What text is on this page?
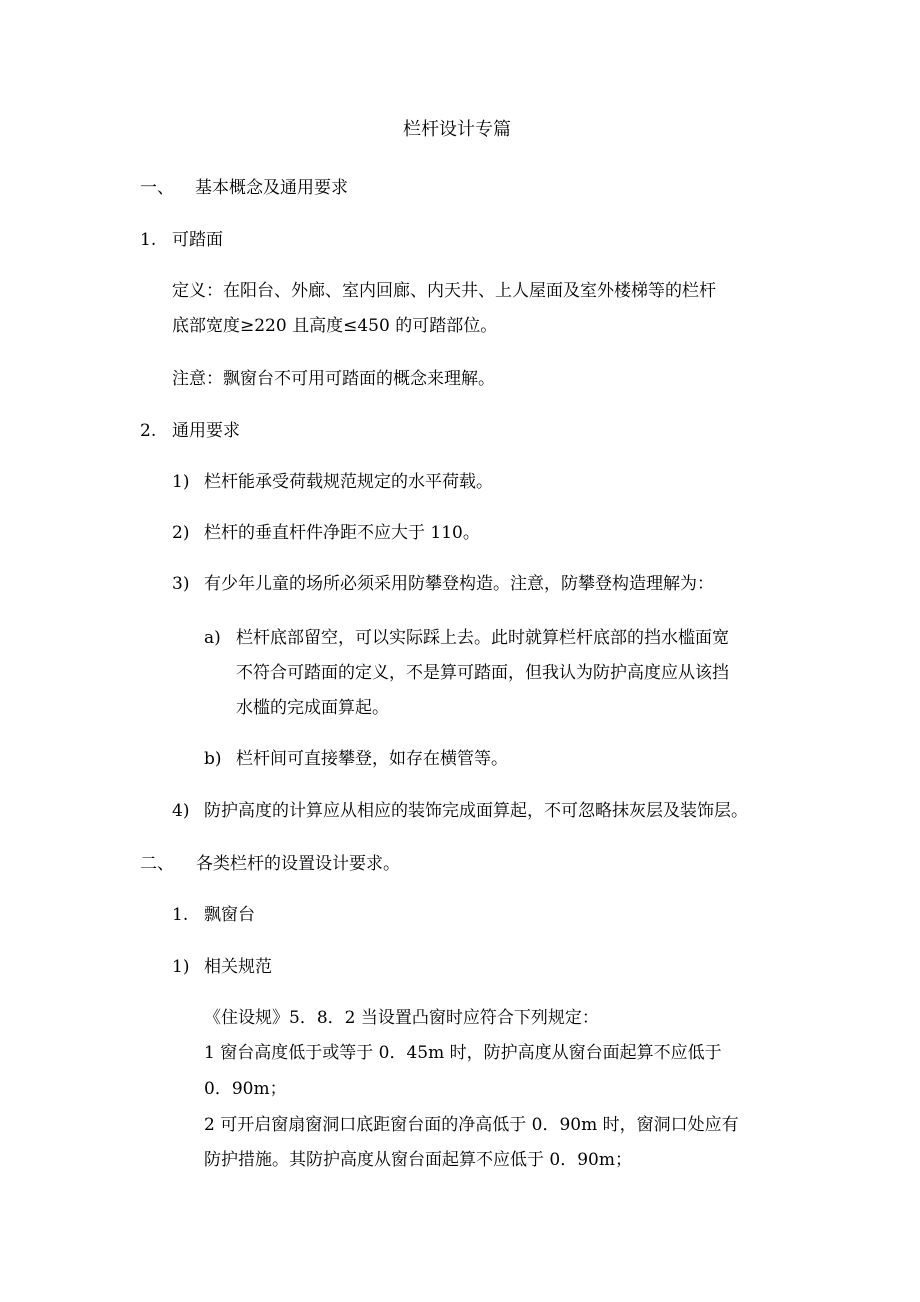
栏杆设计专篇
一、 基本概念及通用要求
1. 可踏面
定义：在阳台、外廊、室内回廊、内天井、上人屋面及室外楼梯等的栏杆
底部宽度≥220 且高度≤450 的可踏部位。
注意：飘窗台不可用可踏面的概念来理解。
2. 通用要求
1) 栏杆能承受荷载规范规定的水平荷载。
2) 栏杆的垂直杆件净距不应大于 110。
3) 有少年儿童的场所必须采用防攀登构造。注意，防攀登构造理解为：
a) 栏杆底部留空，可以实际踩上去。此时就算栏杆底部的挡水槛面宽
不符合可踏面的定义，不是算可踏面，但我认为防护高度应从该挡
水槛的完成面算起。
b) 栏杆间可直接攀登，如存在横管等。
4) 防护高度的计算应从相应的装饰完成面算起，不可忽略抹灰层及装饰层。
二、 各类栏杆的设置设计要求。
1. 飘窗台
1) 相关规范
《住设规》5．8．2 当设置凸窗时应符合下列规定：
1 窗台高度低于或等于 0．45m 时，防护高度从窗台面起算不应低于
0．90m；
2 可开启窗扇窗洞口底距窗台面的净高低于 0．90m 时，窗洞口处应有
防护措施。其防护高度从窗台面起算不应低于 0．90m；
